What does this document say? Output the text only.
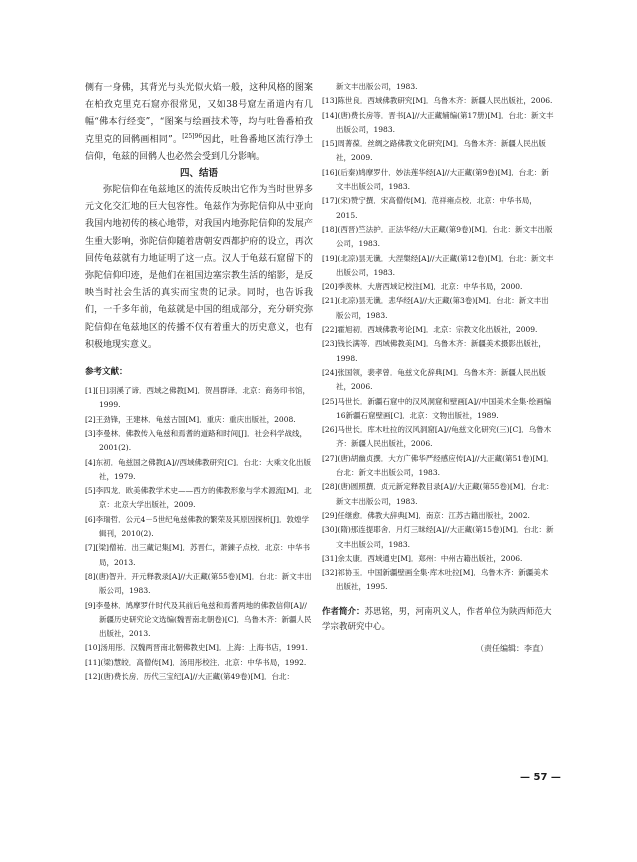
侧有一身佛，其背光与头光似火焰一般，这种风格的图案在柏孜克里克石窟亦很常见，又如38号窟左甬道内有几幅“佛本行经变”，“图案与绘画技术等，均与吐鲁番柏孜克里克的回鹘画相同”。$^{[25]96}$因此，吐鲁番地区流行净土信仰，龟兹的回鹘人也必然会受到几分影响。

四、结语

弥陀信仰在龟兹地区的流传反映出它作为当时世界多元文化交汇地的巨大包容性。龟兹作为弥陀信仰从中亚向我国内地初传的核心地带，对我国内地弥陀信仰的发展产生重大影响，弥陀信仰随着唐朝安西都护府的设立，再次回传龟兹就有力地证明了这一点。汉人于龟兹石窟留下的弥陀信仰印迹，是他们在祖国边塞宗教生活的缩影，是反映当时社会生活的真实而宝贵的记录。同时，也告诉我们，一千多年前，龟兹就是中国的组成部分，充分研究弥陀信仰在龟兹地区的传播不仅有着重大的历史意义，也有积极地现实意义。

参考文献：

[1][日]羽溪了谛．西域之佛教[M]．贺昌群译．北京：商务印书馆，1999.
[2]王劲锋，王建林．龟兹古国[M]．重庆：重庆出版社，2008.
[3]李曼林．佛教传入龟兹和焉耆的道路和时间[J]．社会科学战线，2001(2).
[4]东初．龟兹国之佛教[A]//西域佛教研究[C]．台北：大乘文化出版社，1979.
[5]李四龙．欧美佛教学术史——西方的佛教形象与学术源流[M]．北京：北京大学出版社，2009.
[6]李瑞哲．公元4－5世纪龟兹佛教的繁荣及其原因探析[J]．敦煌学辑刊，2010(2).
[7][梁]僧祐．出三藏记集[M]．苏晋仁，萧錬子点校．北京：中华书局，2013.
[8](唐)智升．开元释教录[A]//大正藏(第55卷)[M]．台北：新文丰出版公司，1983.
[9]李曼林．鸠摩罗什时代及其前后龟兹和焉耆两地的佛教信仰[A]//新疆历史研究论文选编(魏晋南北朝卷)[C]．乌鲁木齐：新疆人民出版社，2013.
[10]汤用彤．汉魏两晋南北朝佛教史[M]．上海：上海书店，1991.
[11](梁)慧皎．高僧传[M]．汤用彤校注．北京：中华书局，1992.
[12](唐)费长房．历代三宝纪[A]//大正藏(第49卷)[M]．台北：
新文丰出版公司，1983.
[13]陈世良．西域佛教研究[M]．乌鲁木齐：新疆人民出版社，2006.
[14](唐)费长房等．晋书[A]//大正藏辅编(第17册)[M]．台北：新文丰出版公司，1983.
[15]周菁葆．丝绸之路佛教文化研究[M]．乌鲁木齐：新疆人民出版社，2009.
[16](后秦)鸠摩罗什．妙法莲华经[A]//大正藏(第9卷)[M]．台北：新文丰出版公司，1983.
[17](宋)赞宁撰．宋高僧传[M]．范祥雍点校．北京：中华书局，2015.
[18](西晋)竺法护．正法华经//大正藏(第9卷)[M]．台北：新文丰出版公司，1983.
[19](北凉)昙无谶．大涅槃经[A]//大正藏(第12卷)[M]．台北：新文丰出版公司，1983.
[20]季羡林．大唐西域记校注[M]．北京：中华书局，2000.
[21](北凉)昙无谶．悲华经[A]//大正藏(第3卷)[M]．台北：新文丰出版公司，1983.
[22]霍旭初．西域佛教考论[M]．北京：宗教文化出版社，2009.
[23]钱长满等．西域佛教美[M]．乌鲁木齐：新疆美术摄影出版社，1998.
[24]张国领，裴孝曾．龟兹文化辞典[M]．乌鲁木齐：新疆人民出版社，2006.
[25]马世长．新疆石窟中的汉风洞窟和壁画[A]//中国美术全集·绘画编16新疆石窟壁画[C]．北京：文物出版社，1989.
[26]马世长．库木吐拉的汉风洞窟[A]//龟兹文化研究(三)[C]．乌鲁木齐：新疆人民出版社，2006.
[27](唐)胡幽贞撰．大方广佛华严经感应传[A]//大正藏(第51卷)[M]．台北：新文丰出版公司，1983.
[28](唐)圆照撰．贞元新定释教目录[A]//大正藏(第55卷)[M]．台北：新文丰出版公司，1983.
[29]任继愈．佛教大辞典[M]．南京：江苏古籍出版社，2002.
[30](隋)那连提耶舍．月灯三昧经[A]//大正藏(第15卷)[M]．台北：新文丰出版公司，1983.
[31]余太康．西域通史[M]．郑州：中州古籍出版社，2006.
[32]祁协玉．中国新疆壁画全集·库木吐拉[M]．乌鲁木齐：新疆美术出版社，1995.
作者简介：苏思铭，男，河南巩义人，作者单位为陕西师范大学宗教研究中心。
（责任编辑：李直）
— 57 —
